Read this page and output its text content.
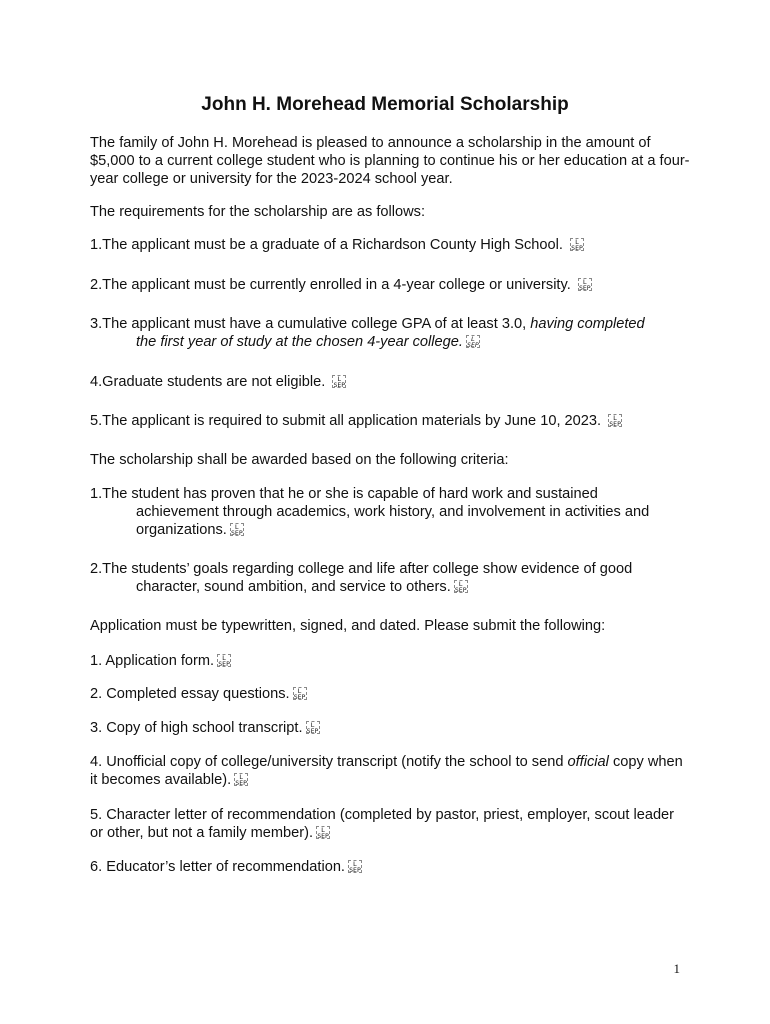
John H. Morehead Memorial Scholarship

The family of John H. Morehead is pleased to announce a scholarship in the amount of $5,000 to a current college student who is planning to continue his or her education at a four-year college or university for the 2023-2024 school year.

The requirements for the scholarship are as follows:

1.The applicant must be a graduate of a Richardson County High School.	L
SEP

2.The applicant must be currently enrolled in a 4-year college or university.	L
SEP

3.The applicant must have a cumulative college GPA of at least 3.0, having completed
the first year of study at the chosen 4-year college.	L
SEP

4.Graduate students are not eligible.	L
SEP

5.The applicant is required to submit all application materials by June 10, 2023.	L
SEP

The scholarship shall be awarded based on the following criteria:

1.The student has proven that he or she is capable of hard work and sustained
achievement through academics, work history, and involvement in activities and organizations.	L
SEP

2.The students’ goals regarding college and life after college show evidence of good
character, sound ambition, and service to others.	L
SEP

Application must be typewritten, signed, and dated. Please submit the following:

1. Application form.	L
SEP

2. Completed essay questions.	L
SEP

3. Copy of high school transcript.	L
SEP

4. Unofficial copy of college/university transcript (notify the school to send official copy when it becomes available).	L
SEP

5. Character letter of recommendation (completed by pastor, priest, employer, scout leader or other, but not a family member).	L
SEP

6. Educator’s letter of recommendation.	L
SEP

1
